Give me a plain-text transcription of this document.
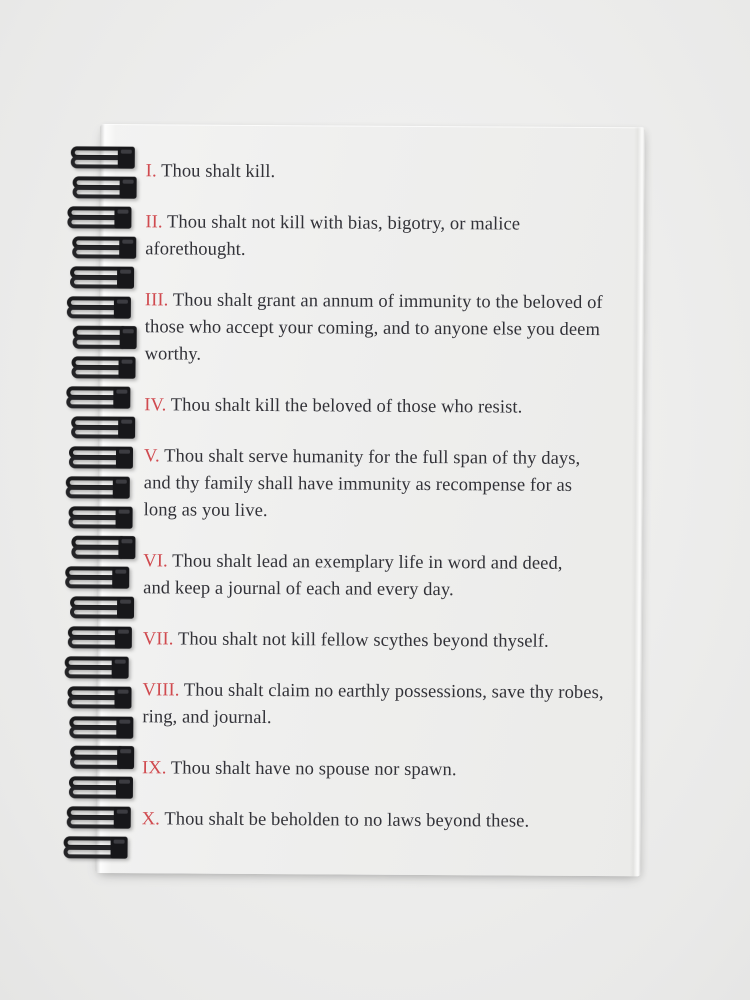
I. Thou shalt kill.

II. Thou shalt not kill with bias, bigotry, or malice
aforethought.

III. Thou shalt grant an annum of immunity to the beloved of
those who accept your coming, and to anyone else you deem
worthy.

IV. Thou shalt kill the beloved of those who resist.

V. Thou shalt serve humanity for the full span of thy days,
and thy family shall have immunity as recompense for as
long as you live.

VI. Thou shalt lead an exemplary life in word and deed,
and keep a journal of each and every day.

VII. Thou shalt not kill fellow scythes beyond thyself.

VIII. Thou shalt claim no earthly possessions, save thy robes,
ring, and journal.

IX. Thou shalt have no spouse nor spawn.

X. Thou shalt be beholden to no laws beyond these.
